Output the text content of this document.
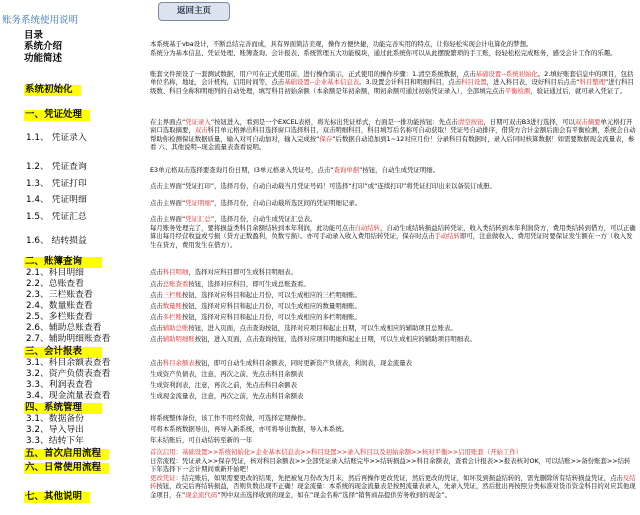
账务系统使用说明
返回主页
目录
系统介绍
功能简述
系统初始化
一、凭证处理
1.1、 凭证录入
1.2、 凭证查询
1.3、 凭证打印
1.4、 凭证明细
1.5、 凭证汇总
1.6、 结转损益
二、账簿查询
2.1、科目明细
2.2、总账查看
2.3、三栏账查看
2.4、数量账查看
2.5、多栏账查看
2.6、辅助总账查看
2.7、辅助明细账查看
三、会计报表
3.1、科目余额表查看
3.2、资产负债表查看
3.3、利润表查看
3.4、现金流量表查看
四、系统管理
3.1、数据备份
3.2、导入导出
3.3、结转下年
五、首次启用流程
六、日常使用流程
七、其他说明
本系统基于vba设计，不断总结完善而成，具有界面简洁美观，操作方便快捷，功能完善实用的特点，让你轻松实现会计电算化的梦想。
系统分为基本信息、凭证处理、账簿查询、会计报表、系统管理五大功能模块，通过此系统你可以从此摆脱繁琐的手工账，轻轻松松完成账务，感受会计工作的乐趣。
账套文件预设了一套测试数据，用户可在正式使用前，进行操作演示，正式使用的操作步骤：1.清空系统数据，点击基础设置--系统初始化。2.填好账套信息中的项目，包括单位名称，地址，会计机构，启用时间等，点击基础设置--企业基本信息表。3.设置会计科目和明细科目，点击科目设置，进入科目表，设好科目后点击“科目整理”进行科目级数、科目全称和明细列的自动处理，填写科目初始余额（本余额是年初余额，期初余额可通过初始凭证录入），全部填完点击平衡检测，验证通过后，就可录入凭证了。
在主界面点“凭证录入”按钮进入，看到是一个EXCEL表格，将光标出凭证样式，右面是一排功能按钮：先点击清空按钮，日期可双击B3进行选择，可以双击摘要单元格打开窗口选取摘要，双击科目单元格弹出科目选择窗口选择科目，双击明细科目，科目填写后名称可自动获取！凭证号自动排序，借贷方合计金额后面会有平衡检测，系统会自动帮助你检测保证数据质量，输入对可自动加对，输入完成按“保存”后数据自动追加到1~12对应月份！分录科目有数据时，录入后同时核算数据！如需要数据现金流量表，参看 六、其他说明--现金流量表查看说明。
E3单元格双击选择要查询月份日期，I3单元格录入凭证号，点击“查询单据”按钮，自动生成凭证明细。
点击主界面“凭证打印”，选择月份，自动自动载当月凭证号码！可选择“打印”或“连续打印”将凭证打印出来以备装订成册。
点击主界面“凭证明细”，选择月份，自动自动载所选区间的凭证明细记录。
点击主界面“凭证汇总”，选择月份，自动生成凭证汇总表。
每月账务处理完了，要将损益类科目余额结转到本年利润，此功能可点击自动结转，自动生成结转损益结转凭证，收入类结转到本年利润贷方，费用类结转到借方，可以正确算出每月经营收益或亏损（贷方正数盈利，负数亏损）。亦可手动录入收入费用结转凭证，保存时点击手动结转即可，注意做收入、费用凭证时要保证发生额在一方（收入发生在贷方，费用发生在借方）。
点击科目明细，选择对应科目即可生成科目明细表。
点击总账查看按钮，选择对应科目，即可生成总账查看。
点击三栏账按钮，选择对应科目和起止月份，可以生成相应的三栏明细账。
点击数量账按钮，选择对应科目和起止月份，可以生成相应的数量明细账。
点击多栏账按钮，选择对应科目和起止月份，可以生成相应的多栏明细账。
点击辅助总账按钮，进入页面，点击查询按钮，选择对应项目和起止日期，可以生成相应的辅助项目总账表。
点击辅助明细账按钮，进入页面，点击查询按钮，选择对应项目明细和起止日期，可以生成相应的辅助项目明细表。
点击科目余额表按钮，即可自动生成科目余额表，同时更新资产负债表，利润表，现金流量表
生成资产负债表，注意，再次之前，先点击科目余额表
生成资利润表，注意，再次之前，先点击科目余额表
生成现金流量表，注意，再次之前，先点击科目余额表
将系统整体备份，该工作不用经常做，可选择定期操作。
可将本系统数据导出，再导入新系统，亦可将导出数据，导入本系统。
年末结账后，可自动结转至新的一年
首次启用：基础设置>>系统初始化>企业基本信息表>>科目设置>>录入科目以及初始余额>>核对平衡>>启用账套（开始工作）
日常流程：凭证录入>>保存凭证，核对科目余额表>>全部凭证录入结账完毕>>结转损益>>科目余额表，查看会计报表>>报表核对OK，可以结账>>备份账套>>结转下年选择下一会计期间重新开始吧！
更改凭证：结完账后，如果需要更改的结果，先把被复月份改为月末，然后再操作更改凭证，然后更改的凭证，如坏及到损益结转的，需先删除所有结转损益凭证，点击反结转按钮，改完后再结转损益，否则负数出现不正确！现金流量：本系统的现金流量表是按照流量表录入，先录入凭证，然后批出再按照分类标准对货币资金科目的对应其他现金项目，在“现金流代码”列中双击选择收到的现金，如在“现金名称”选择“销售商品提供劳务收到的现金”。
